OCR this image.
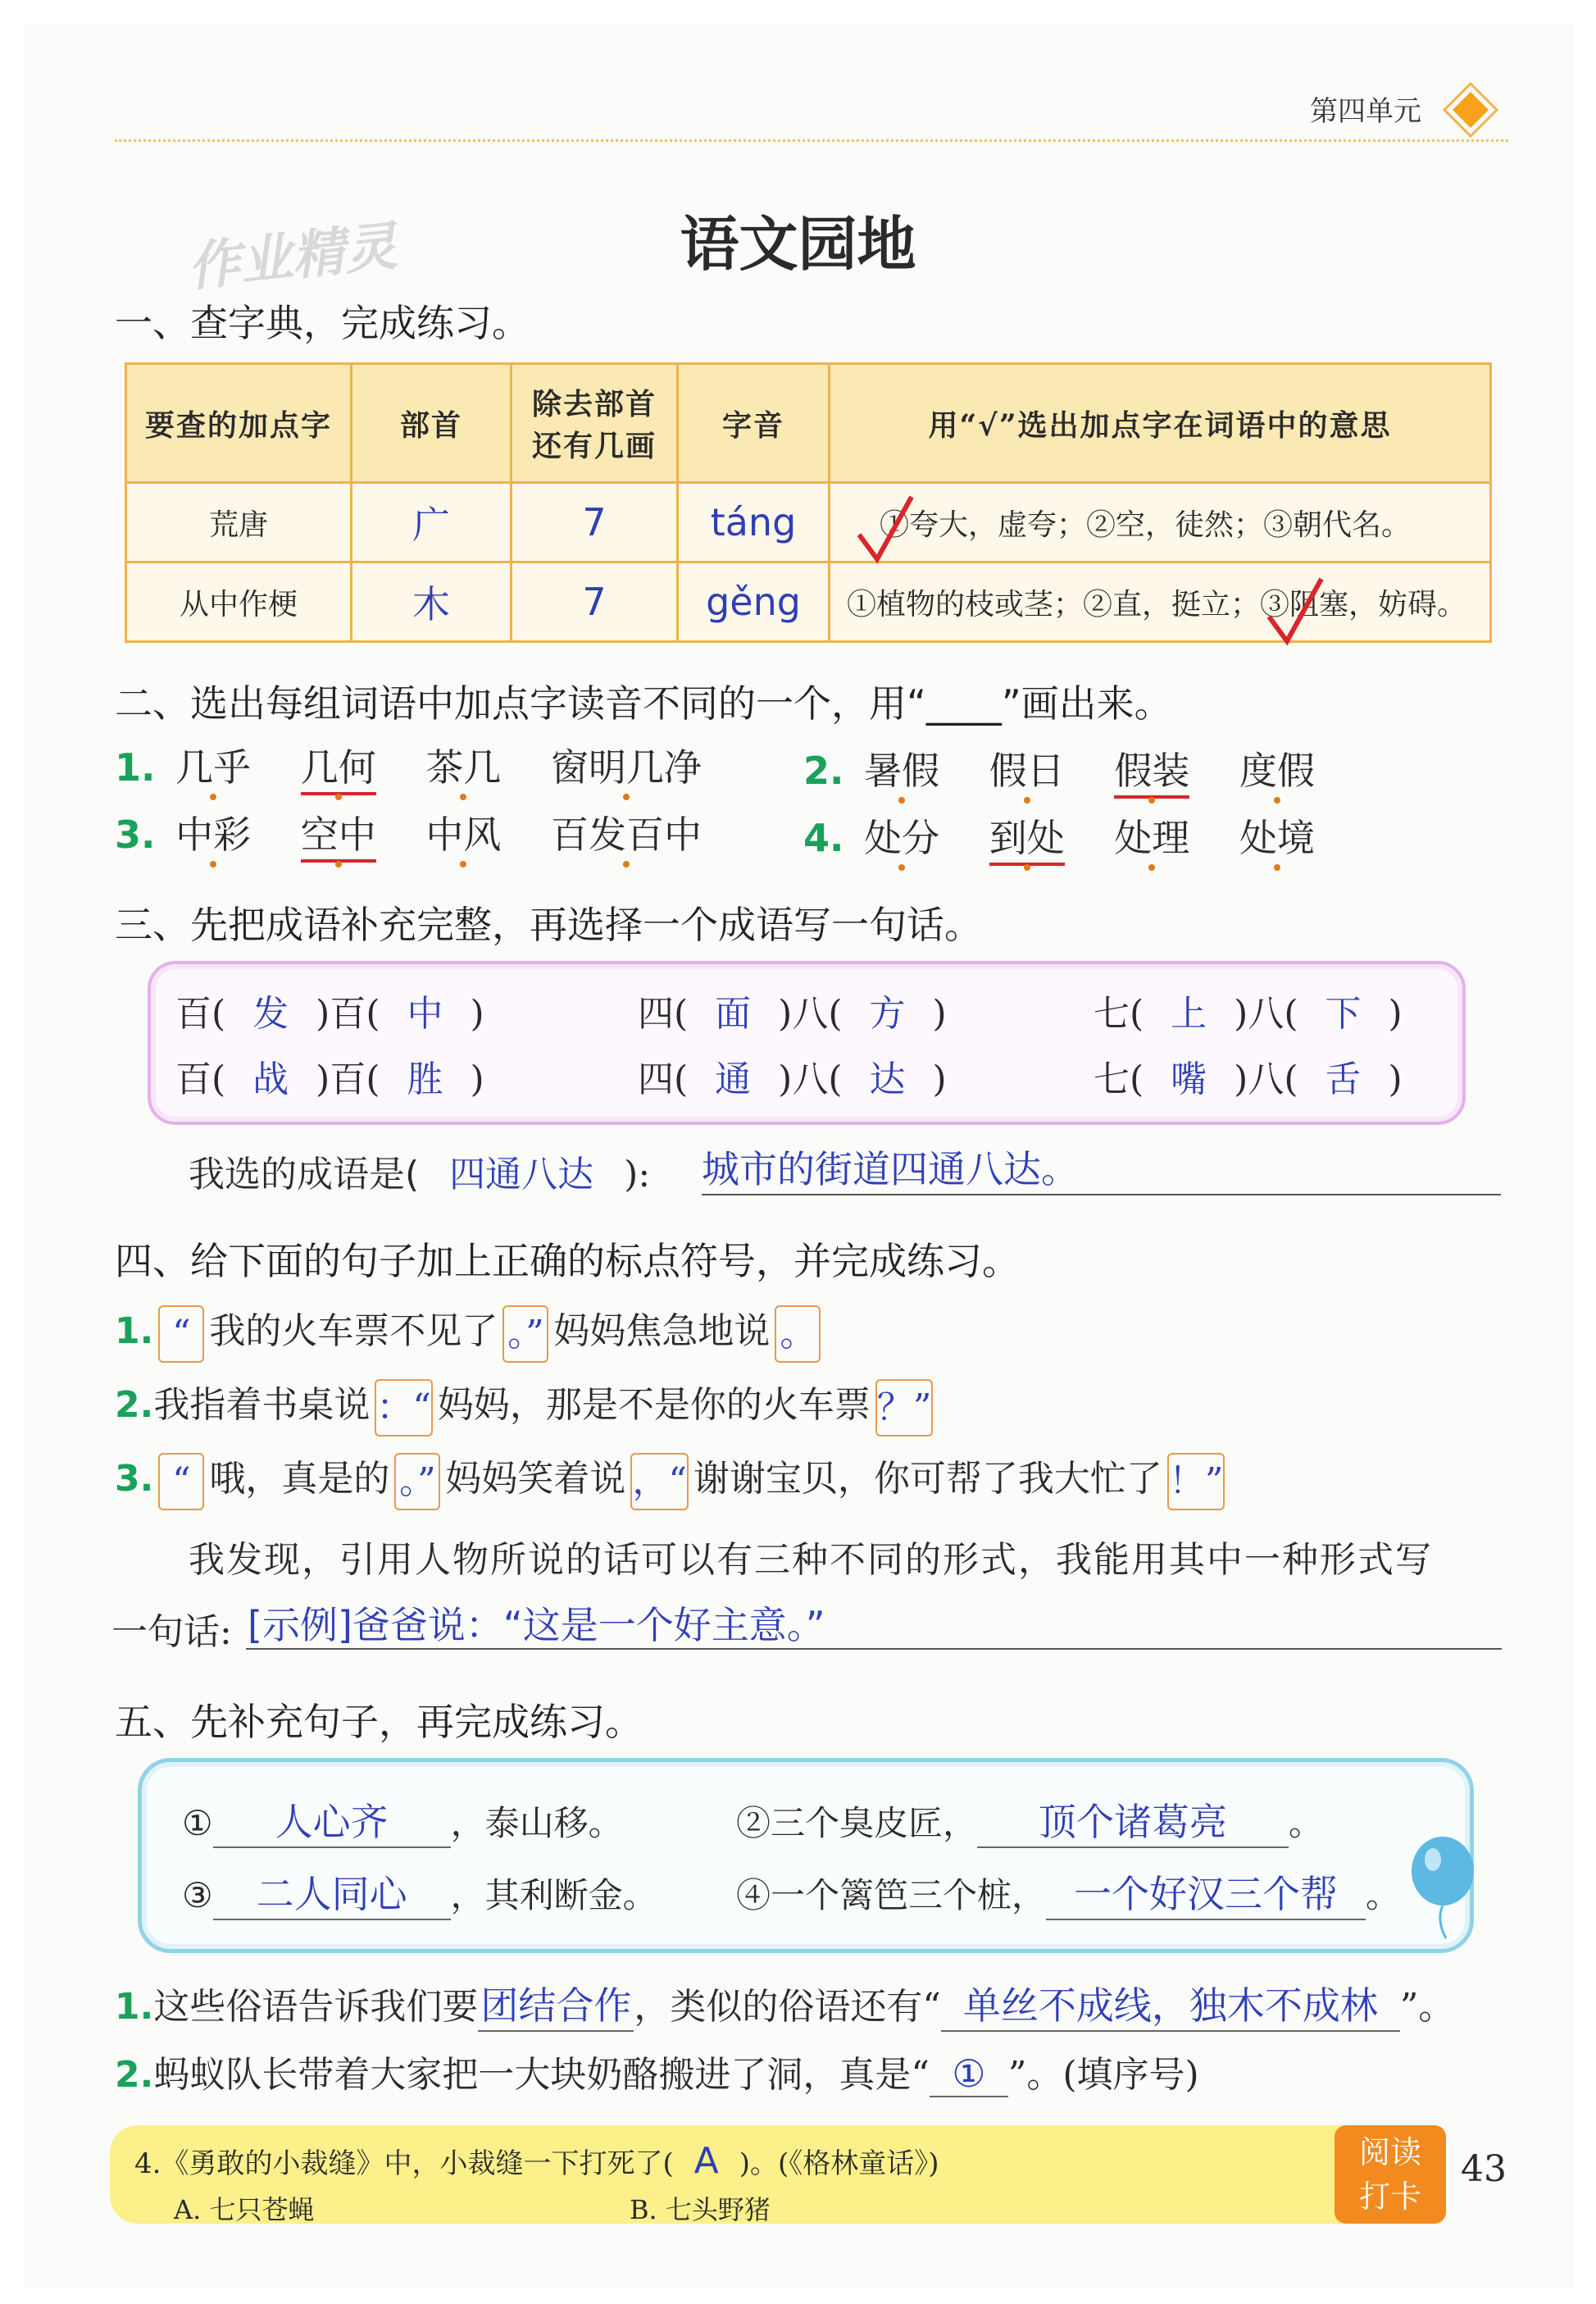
第四单元
作业精灵	语文园地
一、查字典，完成练习。
要查的加点字	部首	除去部首还有几画	字音	用“√”选出加点字在词语中的意思
荒唐	广	7	táng	①夸大，虚夸；②空，徒然；③朝代名。
从中作梗	木	7	gěng	①植物的枝或茎；②直，挺立；③阻塞，妨碍。
二、选出每组词语中加点字读音不同的一个，用“____”画出来。
1. 几乎 几何 茶几 窗明几净	2. 暑假 假日 假装 度假
3. 中彩 空中 中风 百发百中	4. 处分 到处 处理 处境
三、先把成语补充完整，再选择一个成语写一句话。
百( 发 )百( 中 )	四( 面 )八( 方 )	七( 上 )八( 下 )
百( 战 )百( 胜 )	四( 通 )八( 达 )	七( 嘴 )八( 舌 )
我选的成语是( 四通八达 ): 城市的街道四通八达。
四、给下面的句子加上正确的标点符号，并完成练习。
1. “ 我的火车票不见了 。” 妈妈焦急地说 。
2.我指着书桌说 ：“ 妈妈，那是不是你的火车票 ？”
3. “ 哦，真是的 。” 妈妈笑着说 ，“ 谢谢宝贝，你可帮了我大忙了 ！”
我发现，引用人物所说的话可以有三种不同的形式，我能用其中一种形式写
一句话: [示例]爸爸说：“这是一个好主意。”
五、先补充句子，再完成练习。
① 人心齐 ，泰山移。	②三个臭皮匠， 顶个诸葛亮 。
③ 二人同心 ，其利断金。 ④一个篱笆三个桩， 一个好汉三个帮 。
1.这些俗语告诉我们要团结合作，类似的俗语还有“ 单丝不成线，独木不成林 ”。
2.蚂蚁队长带着大家把一大块奶酪搬进了洞，真是“ ① ”。(填序号)
4.《勇敢的小裁缝》中，小裁缝一下打死了( A )。(《格林童话》)
A. 七只苍蝇	B. 七头野猪
阅读
打卡
43
